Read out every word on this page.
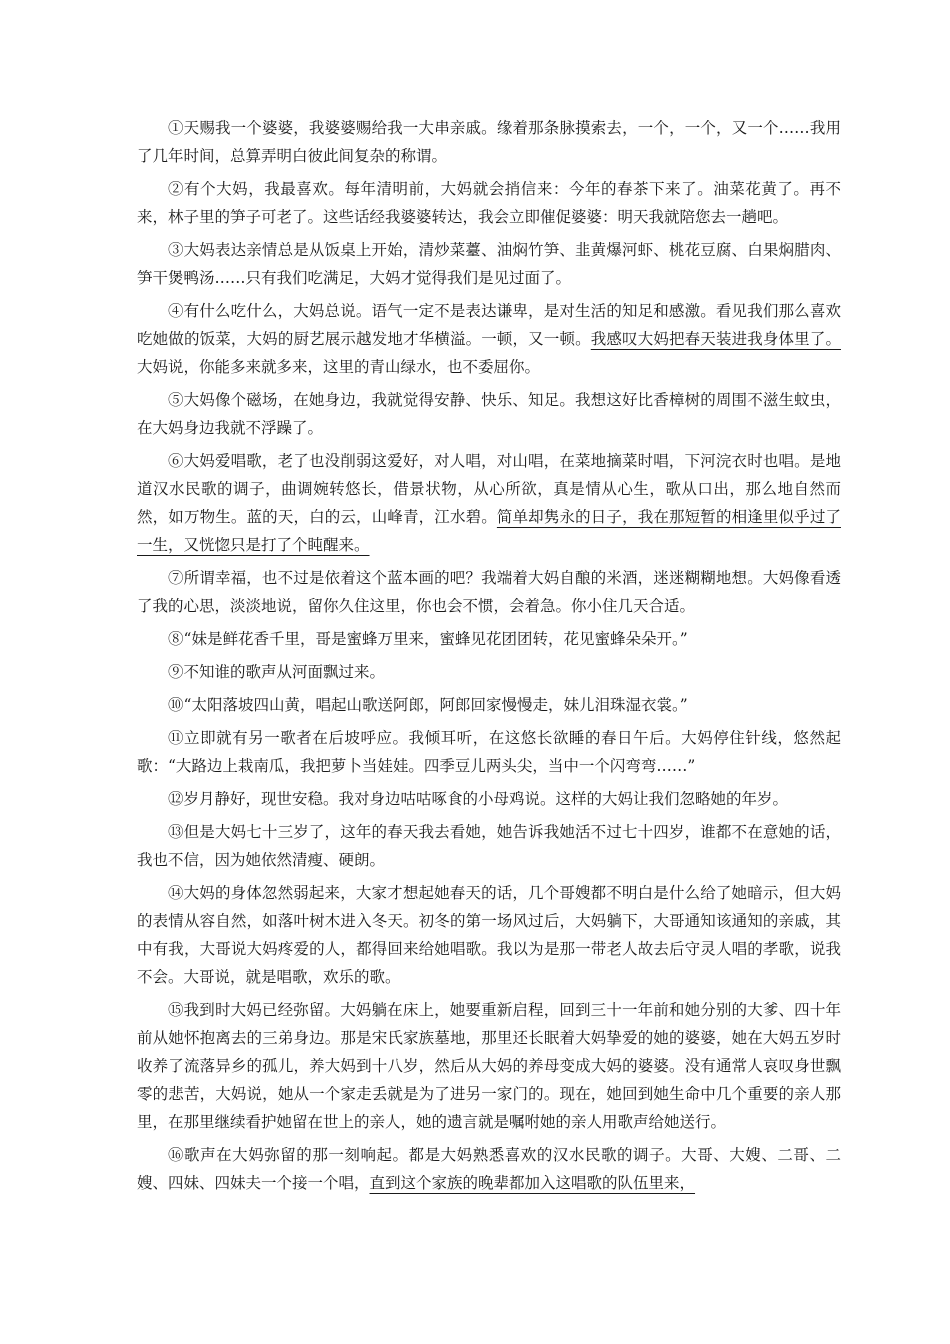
①天赐我一个婆婆，我婆婆赐给我一大串亲戚。缘着那条脉摸索去，一个，一个，又一个……我用了几年时间，总算弄明白彼此间复杂的称谓。

②有个大妈，我最喜欢。每年清明前，大妈就会捎信来：今年的春茶下来了。油菜花黄了。再不来，林子里的笋子可老了。这些话经我婆婆转达，我会立即催促婆婆：明天我就陪您去一趟吧。

③大妈表达亲情总是从饭桌上开始，清炒菜薹、油焖竹笋、韭黄爆河虾、桃花豆腐、白果焖腊肉、笋干煲鸭汤……只有我们吃满足，大妈才觉得我们是见过面了。

④有什么吃什么，大妈总说。语气一定不是表达谦卑，是对生活的知足和感激。看见我们那么喜欢吃她做的饭菜，大妈的厨艺展示越发地才华横溢。一顿，又一顿。我感叹大妈把春天装进我身体里了。大妈说，你能多来就多来，这里的青山绿水，也不委屈你。

⑤大妈像个磁场，在她身边，我就觉得安静、快乐、知足。我想这好比香樟树的周围不滋生蚊虫，在大妈身边我就不浮躁了。

⑥大妈爱唱歌，老了也没削弱这爱好，对人唱，对山唱，在菜地摘菜时唱，下河浣衣时也唱。是地道汉水民歌的调子，曲调婉转悠长，借景状物，从心所欲，真是情从心生，歌从口出，那么地自然而然，如万物生。蓝的天，白的云，山峰青，江水碧。简单却隽永的日子，我在那短暂的相逢里似乎过了一生，又恍惚只是打了个盹醒来。

⑦所谓幸福，也不过是依着这个蓝本画的吧？我端着大妈自酿的米酒，迷迷糊糊地想。大妈像看透了我的心思，淡淡地说，留你久住这里，你也会不惯，会着急。你小住几天合适。

⑧“妹是鲜花香千里，哥是蜜蜂万里来，蜜蜂见花团团转，花见蜜蜂朵朵开。”

⑨不知谁的歌声从河面飘过来。

⑩“太阳落坡四山黄，唱起山歌送阿郎，阿郎回家慢慢走，妹儿泪珠湿衣裳。”

⑪立即就有另一歌者在后坡呼应。我倾耳听，在这悠长欲睡的春日午后。大妈停住针线，悠然起歌：“大路边上栽南瓜，我把萝卜当娃娃。四季豆儿两头尖，当中一个闪弯弯……”

⑫岁月静好，现世安稳。我对身边咕咕啄食的小母鸡说。这样的大妈让我们忽略她的年岁。

⑬但是大妈七十三岁了，这年的春天我去看她，她告诉我她活不过七十四岁，谁都不在意她的话，我也不信，因为她依然清瘦、硬朗。

⑭大妈的身体忽然弱起来，大家才想起她春天的话，几个哥嫂都不明白是什么给了她暗示，但大妈的表情从容自然，如落叶树木进入冬天。初冬的第一场风过后，大妈躺下，大哥通知该通知的亲戚，其中有我，大哥说大妈疼爱的人，都得回来给她唱歌。我以为是那一带老人故去后守灵人唱的孝歌，说我不会。大哥说，就是唱歌，欢乐的歌。

⑮我到时大妈已经弥留。大妈躺在床上，她要重新启程，回到三十一年前和她分别的大爹、四十年前从她怀抱离去的三弟身边。那是宋氏家族墓地，那里还长眠着大妈挚爱的她的婆婆，她在大妈五岁时收养了流落异乡的孤儿，养大妈到十八岁，然后从大妈的养母变成大妈的婆婆。没有通常人哀叹身世飘零的悲苦，大妈说，她从一个家走丢就是为了进另一家门的。现在，她回到她生命中几个重要的亲人那里，在那里继续看护她留在世上的亲人，她的遗言就是嘱咐她的亲人用歌声给她送行。

⑯歌声在大妈弥留的那一刻响起。都是大妈熟悉喜欢的汉水民歌的调子。大哥、大嫂、二哥、二嫂、四妹、四妹夫一个接一个唱，直到这个家族的晚辈都加入这唱歌的队伍里来，
